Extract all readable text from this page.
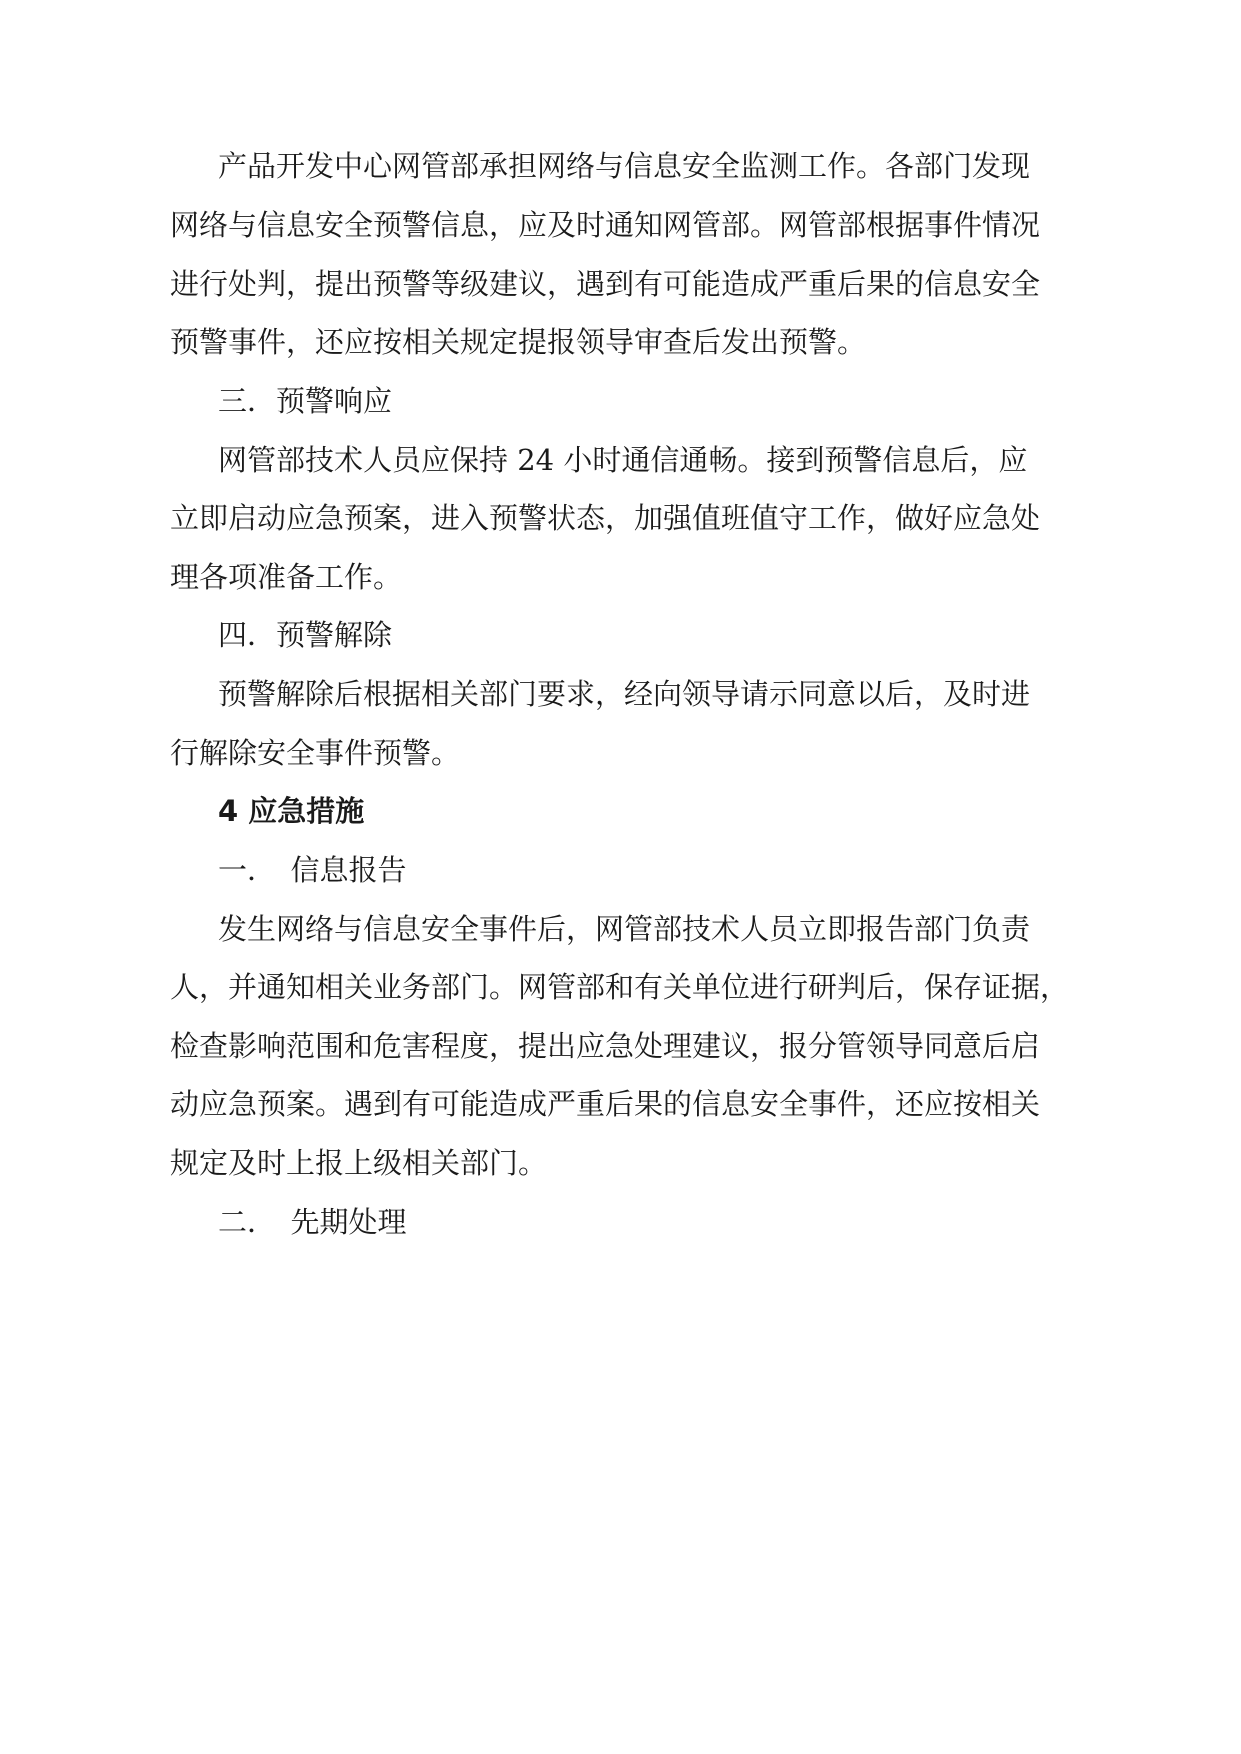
产品开发中心网管部承担网络与信息安全监测工作。各部门发现

网络与信息安全预警信息，应及时通知网管部。网管部根据事件情况

进行处判，提出预警等级建议，遇到有可能造成严重后果的信息安全

预警事件，还应按相关规定提报领导审查后发出预警。

三．预警响应

网管部技术人员应保持 24 小时通信通畅。接到预警信息后，应

立即启动应急预案，进入预警状态，加强值班值守工作，做好应急处

理各项准备工作。

四．预警解除

预警解除后根据相关部门要求，经向领导请示同意以后，及时进

行解除安全事件预警。

4 应急措施

一．　信息报告

发生网络与信息安全事件后，网管部技术人员立即报告部门负责

人，并通知相关业务部门。网管部和有关单位进行研判后，保存证据，

检查影响范围和危害程度，提出应急处理建议，报分管领导同意后启

动应急预案。遇到有可能造成严重后果的信息安全事件，还应按相关

规定及时上报上级相关部门。

二．　先期处理
